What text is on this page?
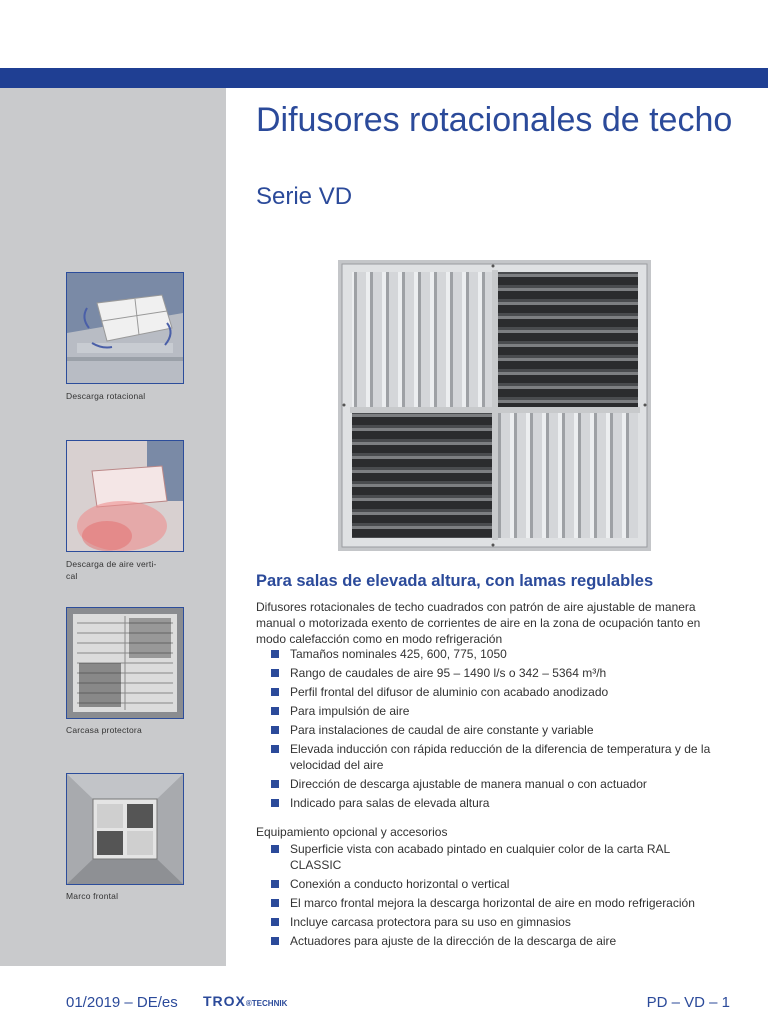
Descarga rotacional
Descarga de aire verti-
cal
Carcasa protectora
Marco frontal
Difusores rotacionales de techo
Serie VD
Para salas de elevada altura, con lamas regulables
Difusores rotacionales de techo cuadrados con patrón de aire ajustable de manera manual o motorizada exento de corrientes de aire en la zona de ocupación tanto en modo calefacción como en modo refrigeración
Tamaños nominales 425, 600, 775, 1050
Rango de caudales de aire 95 – 1490 l/s o 342 – 5364 m³/h
Perfil frontal del difusor de aluminio con acabado anodizado
Para impulsión de aire
Para instalaciones de caudal de aire constante y variable
Elevada inducción con rápida reducción de la diferencia de temperatura y de la velocidad del aire
Dirección de descarga ajustable de manera manual o con actuador
Indicado para salas de elevada altura
Equipamiento opcional y accesorios
Superficie vista con acabado pintado en cualquier color de la carta RAL CLASSIC
Conexión a conducto horizontal o vertical
El marco frontal mejora la descarga horizontal de aire en modo refrigeración
Incluye carcasa protectora para su uso en gimnasios
Actuadores para ajuste de la dirección de la descarga de aire
01/2019 – DE/es TROX®TECHNIK	PD – VD – 1
